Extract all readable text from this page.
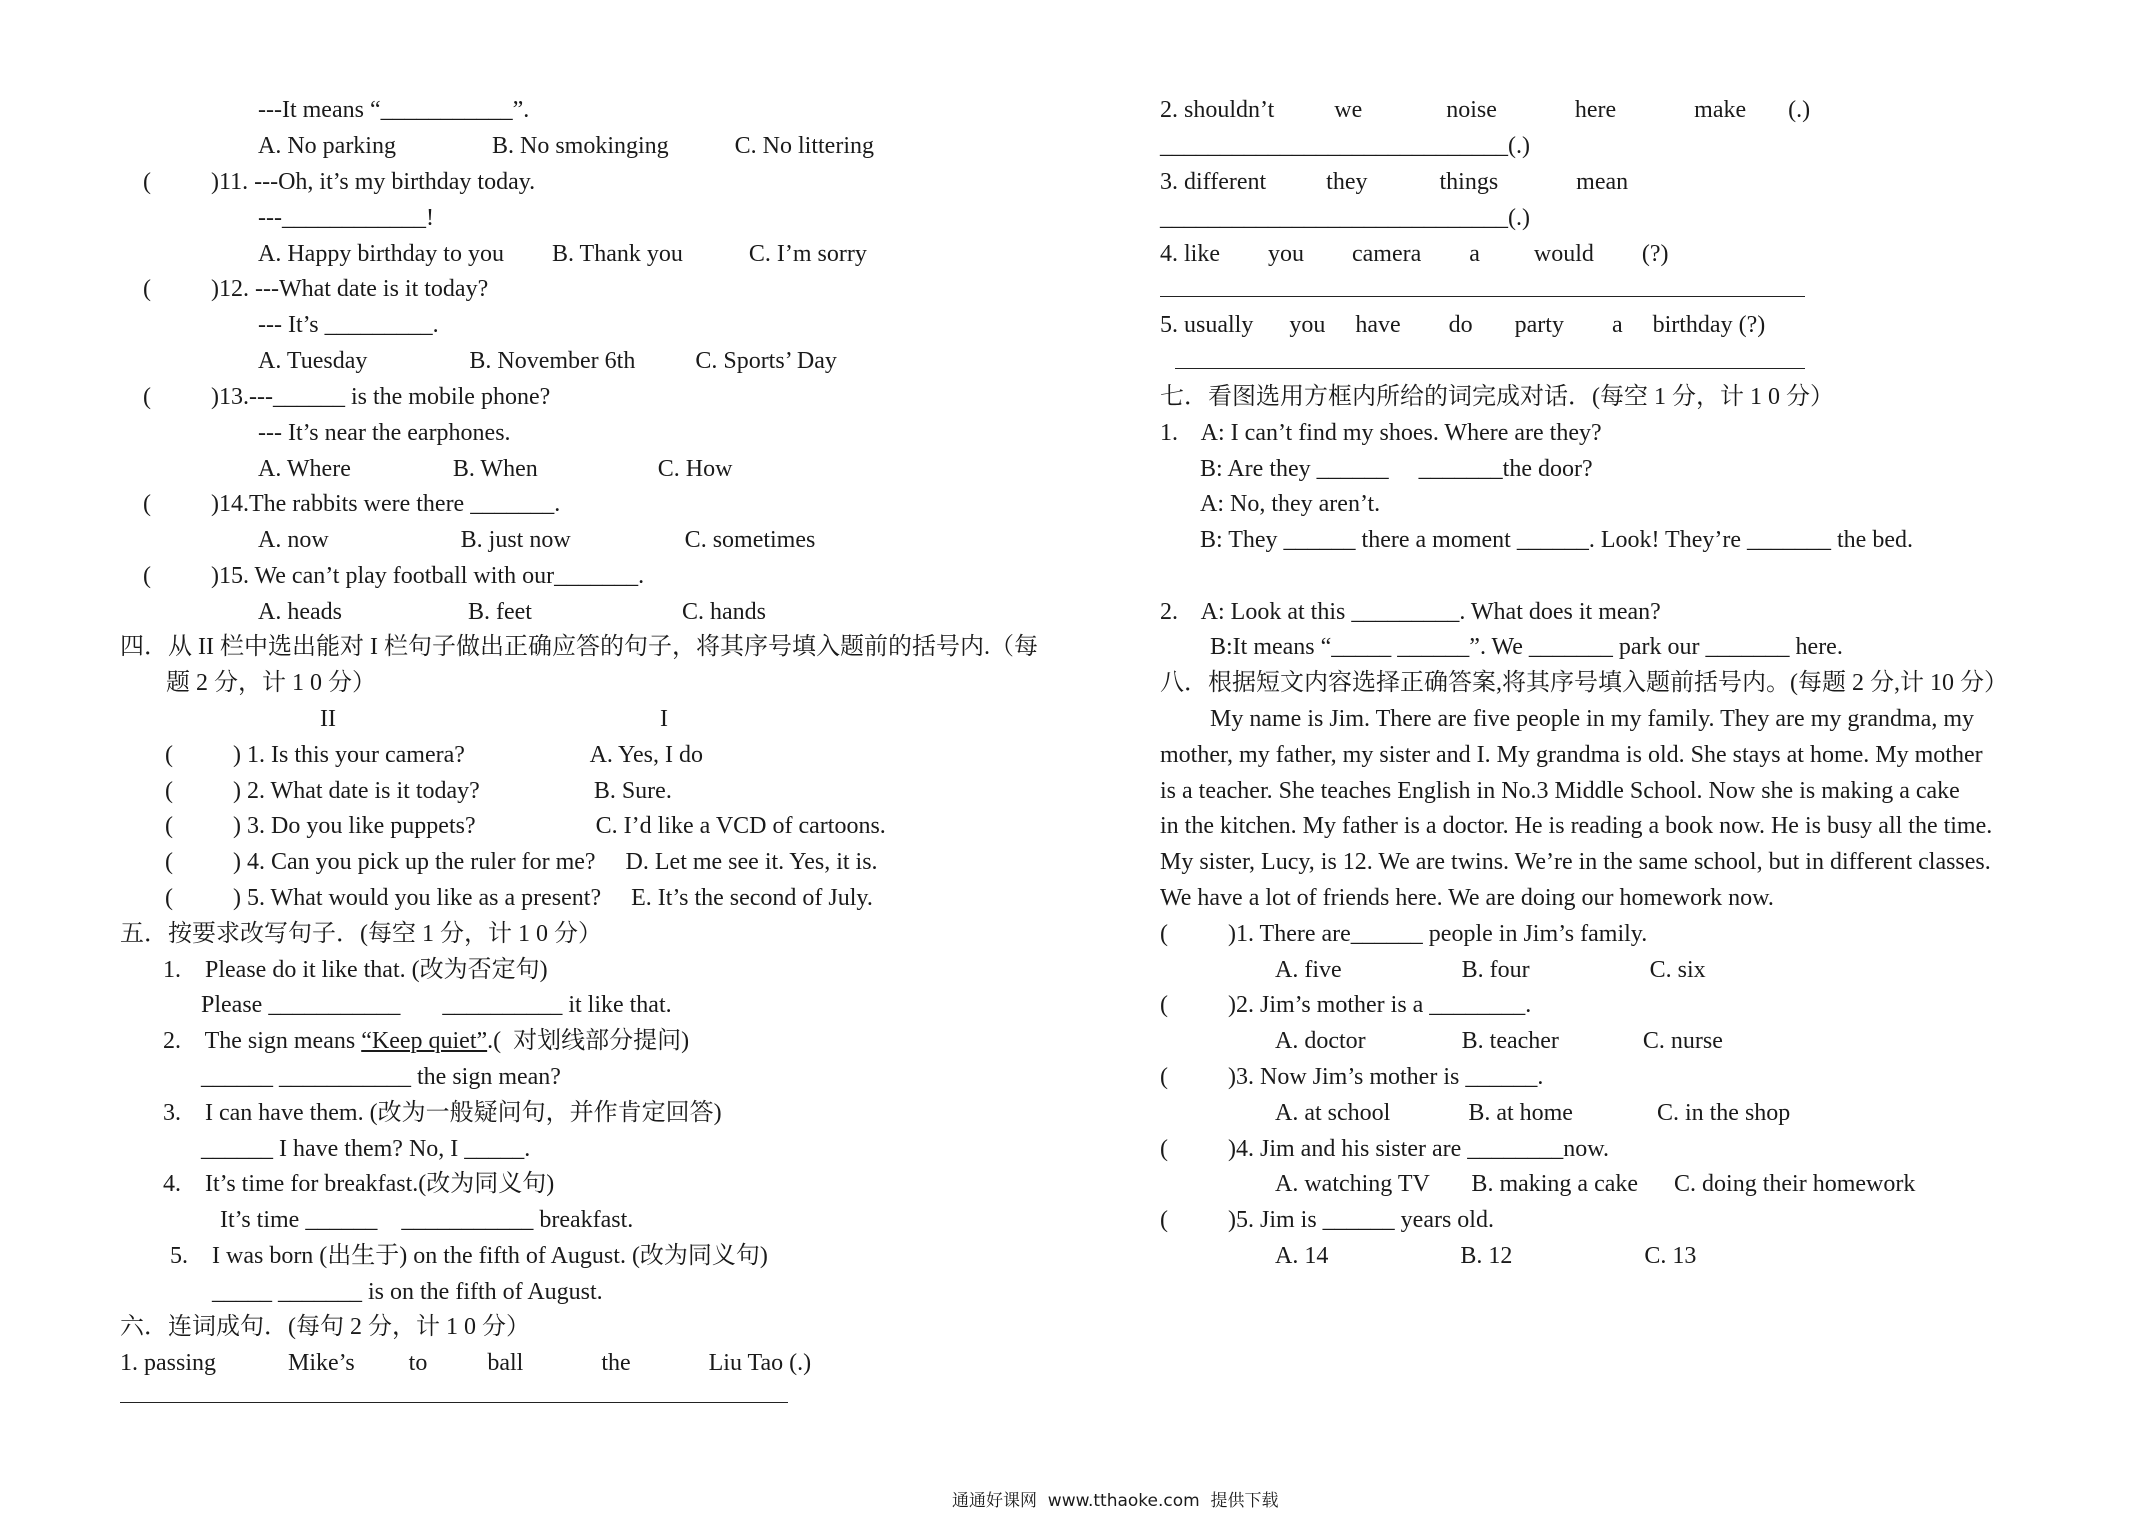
---It means “___________”.
A. No parking                B. No smokinging           C. No littering
(          )11. ---Oh, it’s my birthday today.
---____________!
A. Happy birthday to you        B. Thank you           C. I’m sorry
(          )12. ---What date is it today?
--- It’s _________.
A. Tuesday                 B. November 6th          C. Sports’ Day
(          )13.---______ is the mobile phone?
--- It’s near the earphones.
A. Where                 B. When                    C. How
(          )14.The rabbits were there _______.
A. now                      B. just now                   C. sometimes
(          )15. We can’t play football with our_______.
A. heads                     B. feet                         C. hands
四．从 II 栏中选出能对 I 栏句子做出正确应答的句子，将其序号填入题前的括号内.（每
题 2 分，计 1 0 分）
II                                                      I
(          ) 1. Is this your camera?                     A. Yes, I do
(          ) 2. What date is it today?                   B. Sure.
(          ) 3. Do you like puppets?                    C. I’d like a VCD of cartoons.
(          ) 4. Can you pick up the ruler for me?     D. Let me see it. Yes, it is.
(          ) 5. What would you like as a present?     E. It’s the second of July.
五．按要求改写句子．(每空 1 分，计 1 0 分）
1.    Please do it like that. (改为否定句)
Please ___________       __________ it like that.
2.    The sign means “Keep quiet”.(  对划线部分提问)
______ ___________ the sign mean?
3.    I can have them. (改为一般疑问句，并作肯定回答)
______ I have them? No, I _____.
4.    It’s time for breakfast.(改为同义句)
It’s time ______    ___________ breakfast.
5.    I was born (出生于) on the fifth of August. (改为同义句)
_____ _______ is on the fifth of August.
六．连词成句．(每句 2 分，计 1 0 分）
1. passing            Mike’s         to          ball             the             Liu Tao (.)
2. shouldn’t          we              noise             here             make       (.)
_____________________________(.)
3. different          they            things             mean
_____________________________(.)
4. like        you        camera        a         would        (?)
5. usually      you     have        do       party        a     birthday (?)
七．看图选用方框内所给的词完成对话．(每空 1 分，计 1 0 分）
1.    A: I can’t find my shoes. Where are they?
B: Are they ______     _______the door?
A: No, they aren’t.
B: They ______ there a moment ______. Look! They’re _______ the bed.
2.    A: Look at this _________. What does it mean?
B:It means “_____ ______”. We _______ park our _______ here.
八．根据短文内容选择正确答案,将其序号填入题前括号内。(每题 2 分,计 10 分）
My name is Jim. There are five people in my family. They are my grandma, my
mother, my father, my sister and I. My grandma is old. She stays at home. My mother
is a teacher. She teaches English in No.3 Middle School. Now she is making a cake
in the kitchen. My father is a doctor. He is reading a book now. He is busy all the time.
My sister, Lucy, is 12. We are twins. We’re in the same school, but in different classes.
We have a lot of friends here. We are doing our homework now.
(          )1. There are______ people in Jim’s family.
A. five                    B. four                    C. six
(          )2. Jim’s mother is a ________.
A. doctor                B. teacher              C. nurse
(          )3. Now Jim’s mother is ______.
A. at school             B. at home              C. in the shop
(          )4. Jim and his sister are ________now.
A. watching TV       B. making a cake      C. doing their homework
(          )5. Jim is ______ years old.
A. 14                      B. 12                      C. 13
通通好课网  www.tthaoke.com  提供下载
